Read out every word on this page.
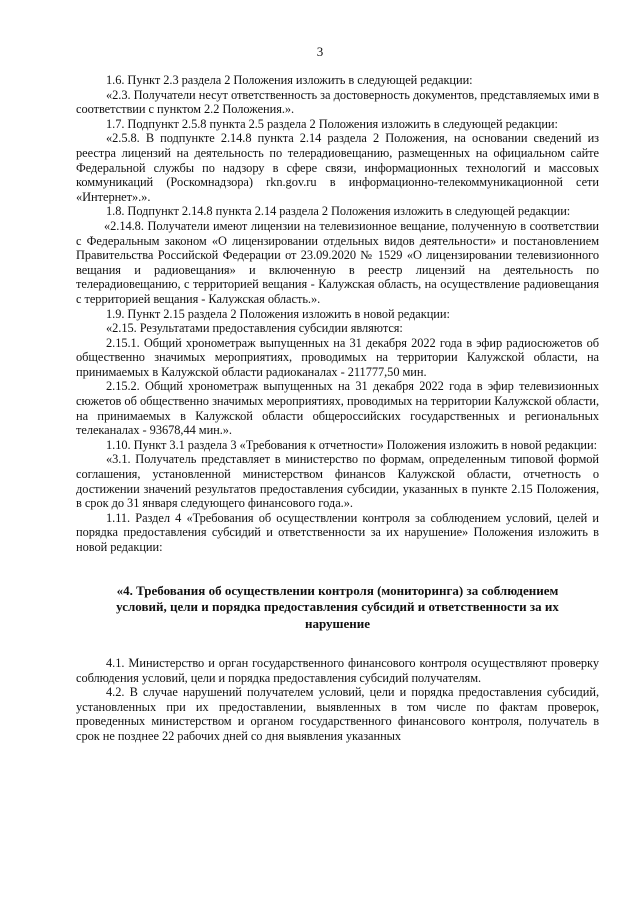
3

1.6. Пункт 2.3 раздела 2 Положения изложить в следующей редакции:

«2.3. Получатели несут ответственность за достоверность документов, представляемых ими в соответствии с пунктом 2.2 Положения.».

1.7. Подпункт 2.5.8 пункта 2.5 раздела 2 Положения изложить в следующей редакции:

«2.5.8. В подпункте 2.14.8 пункта 2.14 раздела 2 Положения, на основании сведений из реестра лицензий на деятельность по телерадиовещанию, размещенных на официальном сайте Федеральной службы по надзору в сфере связи, информационных технологий и массовых коммуникаций (Роскомнадзора) rkn.gov.ru в информационно-телекоммуникационной сети «Интернет».».

1.8. Подпункт 2.14.8 пункта 2.14 раздела 2 Положения изложить в следующей редакции:

«2.14.8. Получатели имеют лицензии на телевизионное вещание, полученную в соответствии с Федеральным законом «О лицензировании отдельных видов деятельности» и постановлением Правительства Российской Федерации от 23.09.2020 № 1529 «О лицензировании телевизионного вещания и радиовещания» и включенную в реестр лицензий на деятельность по телерадиовещанию, с территорией вещания - Калужская область, на осуществление радиовещания с территорией вещания - Калужская область.».

1.9. Пункт 2.15 раздела 2 Положения изложить в новой редакции:

«2.15. Результатами предоставления субсидии являются:

2.15.1. Общий хронометраж выпущенных на 31 декабря 2022 года в эфир радиосюжетов об общественно значимых мероприятиях, проводимых на территории Калужской области, на принимаемых в Калужской области радиоканалах - 211777,50 мин.

2.15.2. Общий хронометраж выпущенных на 31 декабря 2022 года в эфир телевизионных сюжетов об общественно значимых мероприятиях, проводимых на территории Калужской области, на принимаемых в Калужской области общероссийских государственных и региональных телеканалах - 93678,44 мин.».

1.10. Пункт 3.1 раздела 3 «Требования к отчетности» Положения изложить в новой редакции:

«3.1. Получатель представляет в министерство по формам, определенным типовой формой соглашения, установленной министерством финансов Калужской области, отчетность о достижении значений результатов предоставления субсидии, указанных в пункте 2.15 Положения, в срок до 31 января следующего финансового года.».

1.11. Раздел 4 «Требования об осуществлении контроля за соблюдением условий, целей и порядка предоставления субсидий и ответственности за их нарушение» Положения изложить в новой редакции:

«4. Требования об осуществлении контроля (мониторинга) за соблюдением условий, цели и порядка предоставления субсидий и ответственности за их нарушение

4.1. Министерство и орган государственного финансового контроля осуществляют проверку соблюдения условий, цели и порядка предоставления субсидий получателям.

4.2. В случае нарушений получателем условий, цели и порядка предоставления субсидий, установленных при их предоставлении, выявленных в том числе по фактам проверок, проведенных министерством и органом государственного финансового контроля, получатель в срок не позднее 22 рабочих дней со дня выявления указанных
